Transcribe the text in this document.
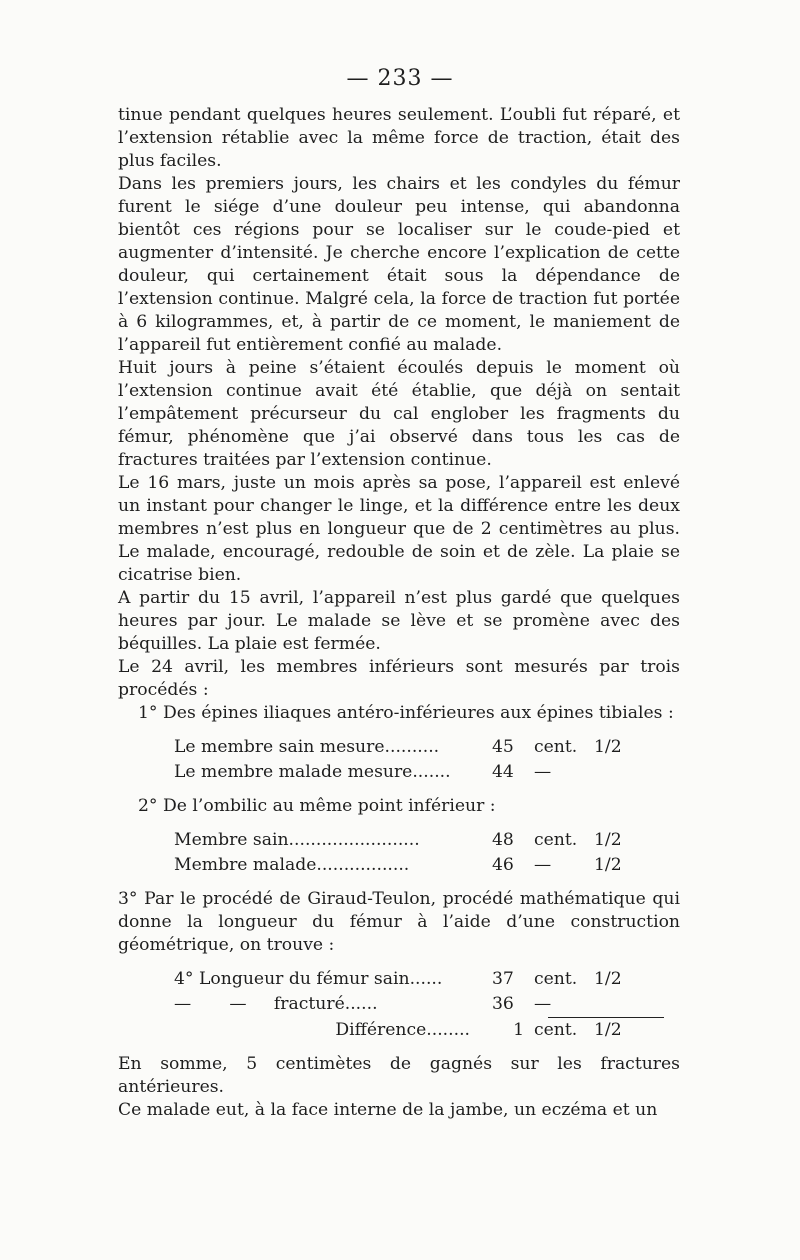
— 233 —

tinue pendant quelques heures seulement. L’oubli fut réparé, et l’extension rétablie avec la même force de traction, était des plus faciles.

Dans les premiers jours, les chairs et les condyles du fémur furent le siége d’une douleur peu intense, qui abandonna bientôt ces régions pour se localiser sur le coude-pied et augmenter d’intensité. Je cherche encore l’explication de cette douleur, qui certainement était sous la dépendance de l’extension continue. Malgré cela, la force de traction fut portée à 6 kilogrammes, et, à partir de ce moment, le maniement de l’appareil fut entièrement confié au malade.

Huit jours à peine s’étaient écoulés depuis le moment où l’extension continue avait été établie, que déjà on sentait l’empâtement précurseur du cal englober les fragments du fémur, phénomène que j’ai observé dans tous les cas de fractures traitées par l’extension continue.

Le 16 mars, juste un mois après sa pose, l’appareil est enlevé un instant pour changer le linge, et la différence entre les deux membres n’est plus en longueur que de 2 centimètres au plus. Le malade, encouragé, redouble de soin et de zèle. La plaie se cicatrise bien.

A partir du 15 avril, l’appareil n’est plus gardé que quelques heures par jour. Le malade se lève et se promène avec des béquilles. La plaie est fermée.

Le 24 avril, les membres inférieurs sont mesurés par trois procédés :

1° Des épines iliaques antéro-inférieures aux épines tibiales :

Le membre sain mesure..........	45	cent. 1/2
Le membre malade mesure.......	44	—

2° De l’ombilic au même point inférieur :

Membre sain........................	48	cent. 1/2
Membre malade.................	46	—	1/2

3° Par le procédé de Giraud-Teulon, procédé mathématique qui donne la longueur du fémur à l’aide d’une construction géométrique, on trouve :

4° Longueur du fémur sain......	37	cent. 1/2
—       —     fracturé......	36	—
Différence........	1 cent. 1/2

En somme, 5 centimètes de gagnés sur les fractures antérieures.

Ce malade eut, à la face interne de la jambe, un eczéma et un
